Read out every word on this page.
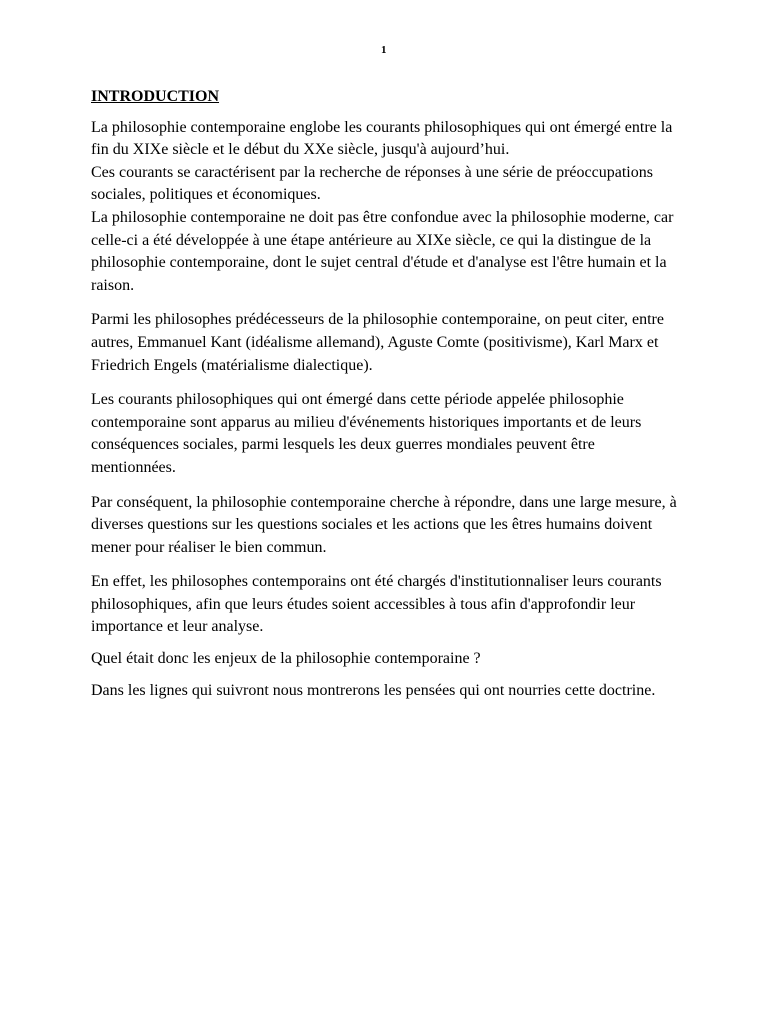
1

INTRODUCTION

La philosophie contemporaine englobe les courants philosophiques qui ont émergé entre la fin du XIXe siècle et le début du XXe siècle, jusqu'à aujourd’hui.

Ces courants se caractérisent par la recherche de réponses à une série de préoccupations sociales, politiques et économiques.

La philosophie contemporaine ne doit pas être confondue avec la philosophie moderne, car celle-ci a été développée à une étape antérieure au XIXe siècle, ce qui la distingue de la philosophie contemporaine, dont le sujet central d'étude et d'analyse est l'être humain et la raison.

Parmi les philosophes prédécesseurs de la philosophie contemporaine, on peut citer, entre autres, Emmanuel Kant (idéalisme allemand), Aguste Comte (positivisme), Karl Marx et Friedrich Engels (matérialisme dialectique).

Les courants philosophiques qui ont émergé dans cette période appelée philosophie contemporaine sont apparus au milieu d'événements historiques importants et de leurs conséquences sociales, parmi lesquels les deux guerres mondiales peuvent être mentionnées.

Par conséquent, la philosophie contemporaine cherche à répondre, dans une large mesure, à diverses questions sur les questions sociales et les actions que les êtres humains doivent mener pour réaliser le bien commun.

En effet, les philosophes contemporains ont été chargés d'institutionnaliser leurs courants philosophiques, afin que leurs études soient accessibles à tous afin d'approfondir leur importance et leur analyse.

Quel était donc les enjeux de la philosophie contemporaine ?

Dans les lignes qui suivront nous montrerons les pensées qui ont nourries cette doctrine.
